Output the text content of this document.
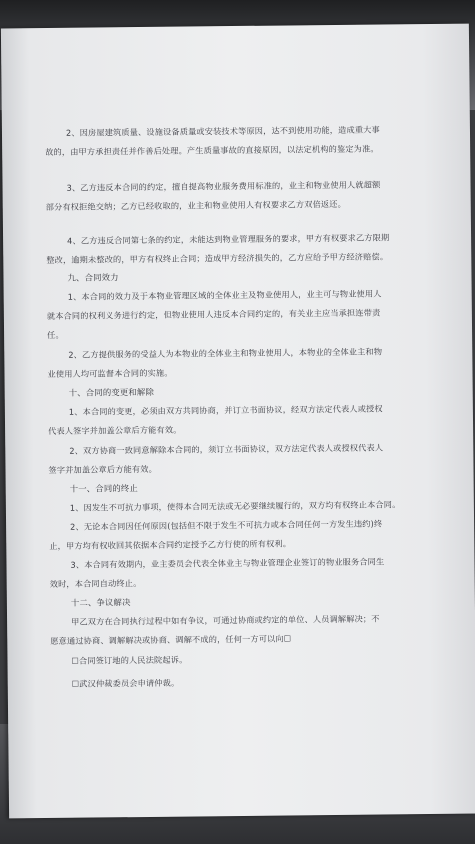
2、因房屋建筑质量、设施设备质量或安装技术等原因，达不到使用功能，造成重大事
故的，由甲方承担责任并作善后处理。产生质量事故的直接原因，以法定机构的鉴定为准。
3、乙方违反本合同的约定，擅自提高物业服务费用标准的，业主和物业使用人就超额
部分有权拒绝交纳；乙方已经收取的，业主和物业使用人有权要求乙方双倍返还。
4、乙方违反合同第七条的约定，未能达到物业管理服务的要求，甲方有权要求乙方限期
整改，逾期未整改的，甲方有权终止合同；造成甲方经济损失的，乙方应给予甲方经济赔偿。
九、合同效力
1、本合同的效力及于本物业管理区域的全体业主及物业使用人，业主可与物业使用人
就本合同的权利义务进行约定，但物业使用人违反本合同约定的，有关业主应当承担连带责
任。
2、乙方提供服务的受益人为本物业的全体业主和物业使用人，本物业的全体业主和物
业使用人均可监督本合同的实施。
十、合同的变更和解除
1、本合同的变更，必须由双方共同协商，并订立书面协议，经双方法定代表人或授权
代表人签字并加盖公章后方能有效。
2、双方协商一致同意解除本合同的，须订立书面协议，双方法定代表人或授权代表人
签字并加盖公章后方能有效。
十一、合同的终止
1、因发生不可抗力事项，使得本合同无法或无必要继续履行的，双方均有权终止本合同。
2、无论本合同因任何原因(包括但不限于发生不可抗力或本合同任何一方发生违约)终
止，甲方均有权收回其依据本合同约定授予乙方行使的所有权利。
3、本合同有效期内，业主委员会代表全体业主与物业管理企业签订的物业服务合同生
效时，本合同自动终止。
十二、争议解决
甲乙双方在合同执行过程中如有争议，可通过协商或约定的单位、人员调解解决；不
愿意通过协商、调解解决或协商、调解不成的，任何一方可以向☐
☐合同签订地的人民法院起诉。
☐武汉仲裁委员会申请仲裁。
